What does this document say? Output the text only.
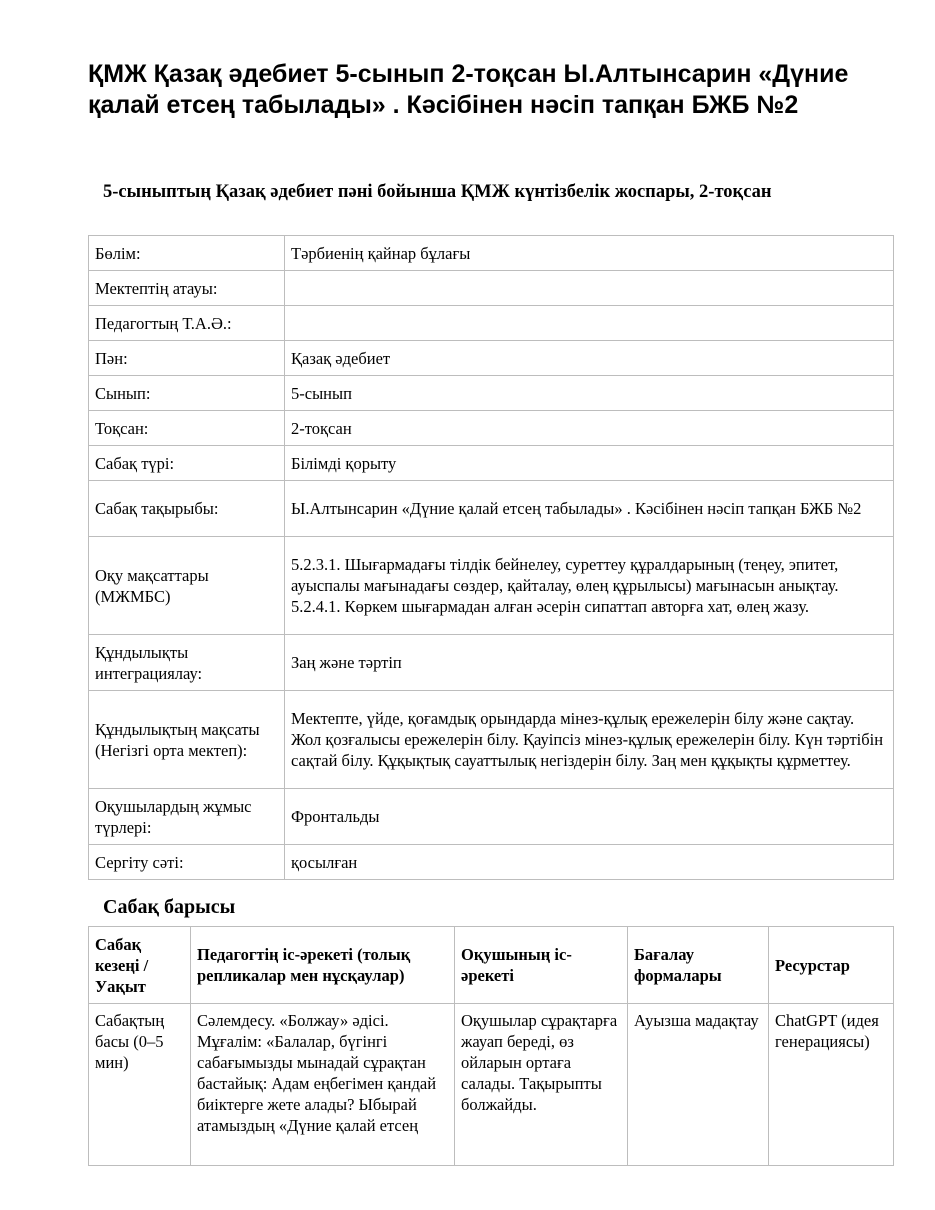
ҚМЖ Қазақ әдебиет 5-сынып 2-тоқсан Ы.Алтынсарин «Дүние қалай етсең табылады» . Кәсібінен нәсіп тапқан БЖБ №2
5-сыныптың Қазақ әдебиет пәні бойынша ҚМЖ күнтізбелік жоспары, 2-тоқсан
Бөлім:	Тәрбиенің қайнар бұлағы
Мектептің атауы:	
Педагогтың Т.А.Ә.:	
Пән:	Қазақ әдебиет
Сынып:	5-сынып
Тоқсан:	2-тоқсан
Сабақ түрі:	Білімді қорыту
Сабақ тақырыбы:	Ы.Алтынсарин «Дүние қалай етсең табылады» . Кәсібінен нәсіп тапқан БЖБ №2
Оқу мақсаттары (МЖМБС)	5.2.3.1. Шығармадағы тілдік бейнелеу, суреттеу құралдарының (теңеу, эпитет, ауыспалы мағынадағы сөздер, қайталау, өлең құрылысы) мағынасын анықтау. 5.2.4.1. Көркем шығармадан алған әсерін сипаттап авторға хат, өлең жазу.
Құндылықты интеграциялау:	Заң және тәртіп
Құндылықтың мақсаты (Негізгі орта мектеп):	Мектепте, үйде, қоғамдық орындарда мінез-құлық ережелерін білу және сақтау. Жол қозғалысы ережелерін білу. Қауіпсіз мінез-құлық ережелерін білу. Күн тәртібін сақтай білу. Құқықтық сауаттылық негіздерін білу. Заң мен құқықты құрметтеу.
Оқушылардың жұмыс түрлері:	Фронтальды
Сергіту сәті:	қосылған
Сабақ барысы
Сабақ кезеңі / Уақыт	Педагогтің іс-әрекеті (толық репликалар мен нұсқаулар)	Оқушының іс-әрекеті	Бағалау формалары	Ресурстар
Сабақтың басы (0–5 мин)	Сәлемдесу. «Болжау» әдісі. Мұғалім: «Балалар, бүгінгі сабағымызды мынадай сұрақтан бастайық: Адам еңбегімен қандай биіктерге жете алады? Ыбырай атамыздың «Дүние қалай етсең	Оқушылар сұрақтарға жауап береді, өз ойларын ортаға салады. Тақырыпты болжайды.	Ауызша мадақтау	ChatGPT (идея генерациясы)
